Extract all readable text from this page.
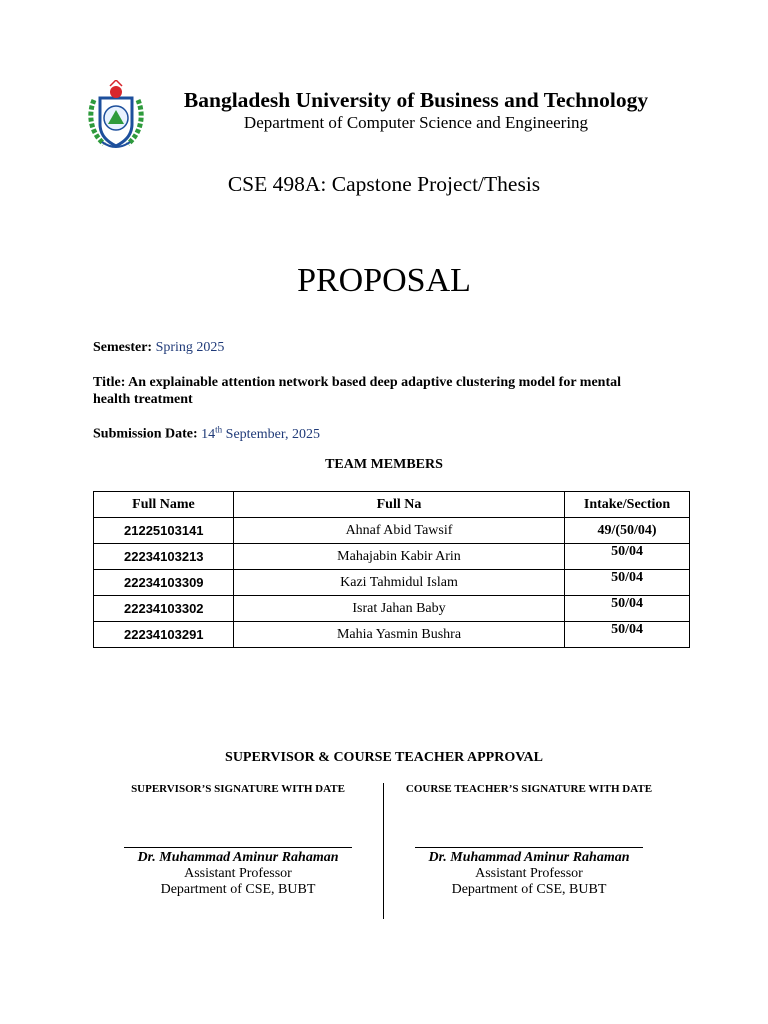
Bangladesh University of Business and Technology
Department of Computer Science and Engineering
CSE 498A: Capstone Project/Thesis
PROPOSAL
Semester: Spring 2025
Title: An explainable attention network based deep adaptive clustering model for mental health treatment
Submission Date: 14th September, 2025
TEAM MEMBERS
Full Name	Full Na	Intake/Section
21225103141	Ahnaf Abid Tawsif	49/(50/04)
22234103213	Mahajabin Kabir Arin	50/04
22234103309	Kazi Tahmidul Islam	50/04
22234103302	Israt Jahan Baby	50/04
22234103291	Mahia Yasmin Bushra	50/04
SUPERVISOR & COURSE TEACHER APPROVAL
SUPERVISOR’S SIGNATURE WITH DATE
Dr. Muhammad Aminur Rahaman
Assistant Professor
Department of CSE, BUBT
COURSE TEACHER’S SIGNATURE WITH DATE
Dr. Muhammad Aminur Rahaman
Assistant Professor
Department of CSE, BUBT
